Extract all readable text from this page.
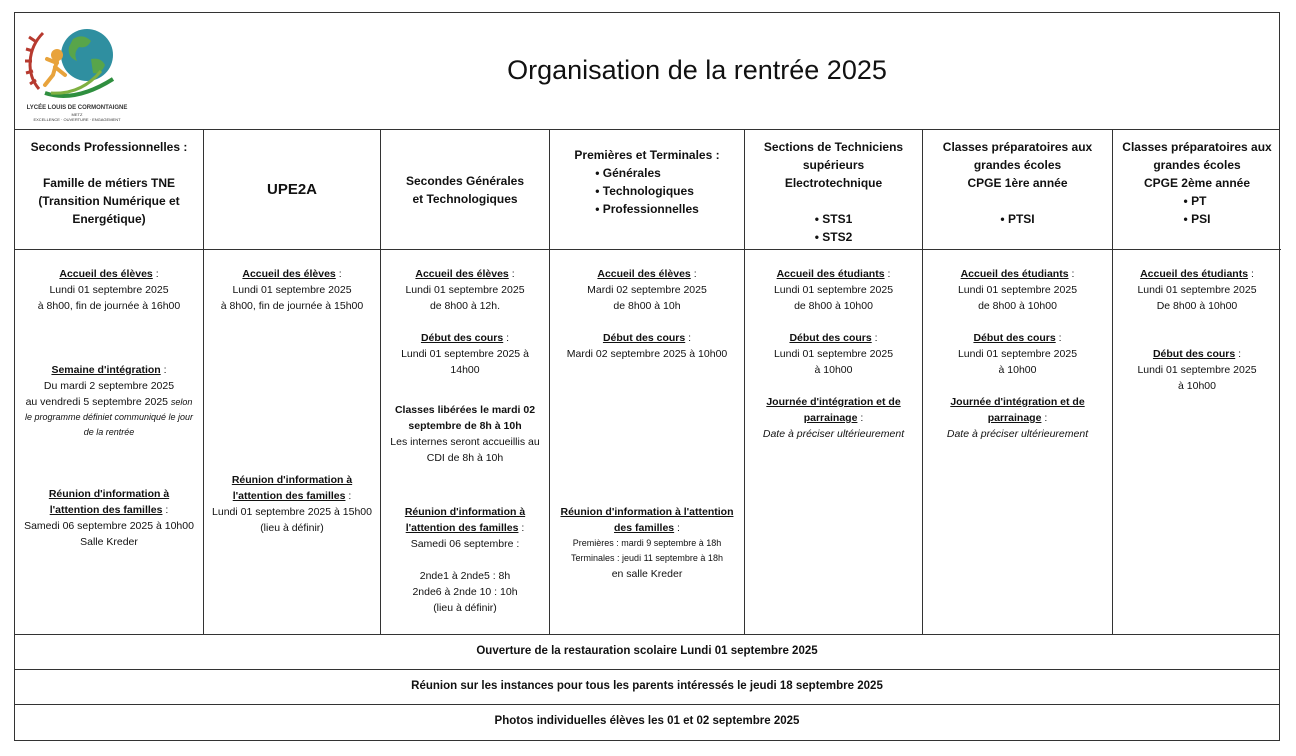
LYCÉE LOUIS DE CORMONTAIGNE
METZ
EXCELLENCE · OUVERTURE · ENGAGEMENT
Organisation de la rentrée 2025
Seconds Professionnelles :
Famille de métiers TNE
(Transition Numérique et
Energétique)
Accueil des élèves :
Lundi 01 septembre 2025
à 8h00, fin de journée à 16h00
Semaine d'intégration :
Du mardi 2 septembre 2025
au vendredi 5 septembre 2025 selon
le programme définiet communiqué le jour
de la rentrée
Réunion d'information à
l'attention des familles :
Samedi 06 septembre 2025 à 10h00
Salle Kreder
UPE2A
Accueil des élèves :
Lundi 01 septembre 2025
à 8h00, fin de journée à 15h00
Réunion d'information à
l'attention des familles :
Lundi 01 septembre 2025 à 15h00
(lieu à définir)
Secondes Générales
et Technologiques
Accueil des élèves :
Lundi 01 septembre 2025
de 8h00 à 12h.
Début des cours :
Lundi 01 septembre 2025 à
14h00
Classes libérées le mardi 02
septembre de 8h à 10h
Les internes seront accueillis au
CDI de 8h à 10h
Réunion d'information à
l'attention des familles :
Samedi 06 septembre :
2nde1 à 2nde5 : 8h
2nde6 à 2nde 10 : 10h
(lieu à définir)
Premières et Terminales :
• Générales
• Technologiques
• Professionnelles
Accueil des élèves :
Mardi 02 septembre 2025
de 8h00 à 10h
Début des cours :
Mardi 02 septembre 2025 à 10h00
Réunion d'information à l'attention
des familles :
Premières : mardi 9 septembre à 18h
Terminales : jeudi 11 septembre à 18h
en salle Kreder
Sections de Techniciens
supérieurs
Electrotechnique
• STS1
• STS2
Accueil des étudiants :
Lundi 01 septembre 2025
de 8h00 à 10h00
Début des cours :
Lundi 01 septembre 2025
à 10h00
Journée d'intégration et de
parrainage :
Date à préciser ultérieurement
Classes préparatoires aux
grandes écoles
CPGE 1ère année
• PTSI
Accueil des étudiants :
Lundi 01 septembre 2025
de 8h00 à 10h00
Début des cours :
Lundi 01 septembre 2025
à 10h00
Journée d'intégration et de
parrainage :
Date à préciser ultérieurement
Classes préparatoires aux
grandes écoles
CPGE 2ème année
• PT
• PSI
Accueil des étudiants :
Lundi 01 septembre 2025
De 8h00 à 10h00
Début des cours :
Lundi 01 septembre 2025
à 10h00
Ouverture de la restauration scolaire Lundi 01 septembre 2025
Réunion sur les instances pour tous les parents intéressés le jeudi 18 septembre 2025
Photos individuelles élèves les 01 et 02 septembre 2025
